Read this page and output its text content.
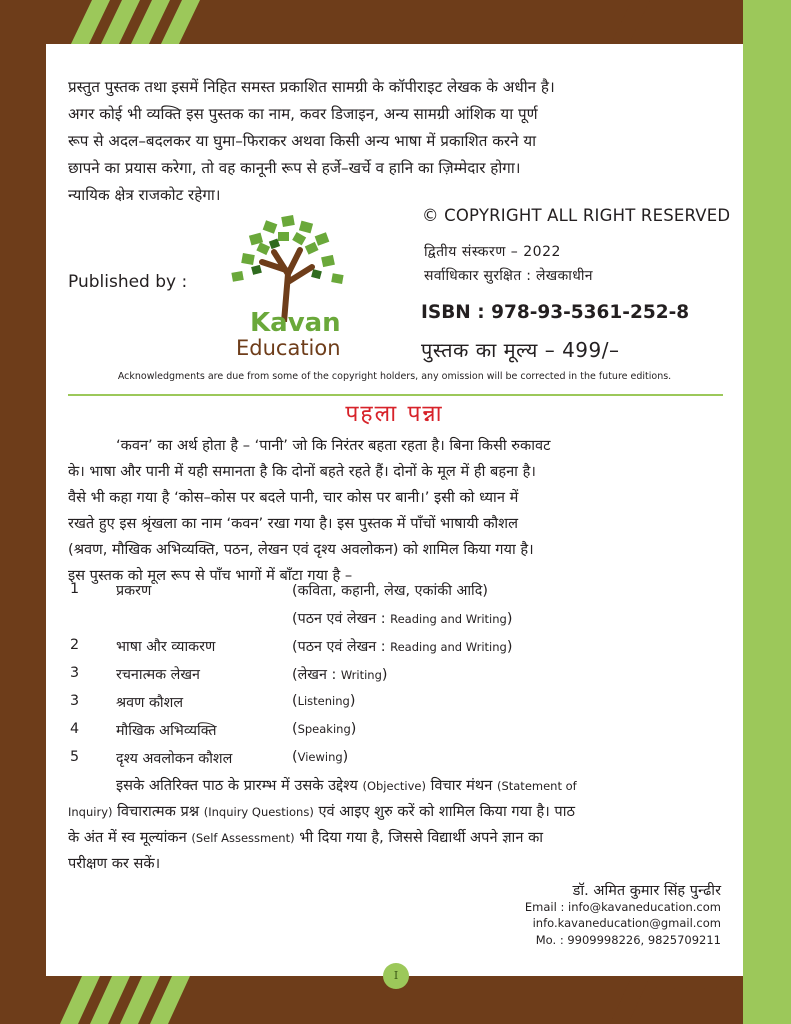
प्रस्तुत पुस्तक तथा इसमें निहित समस्त प्रकाशित सामग्री के कॉपीराइट लेखक के अधीन है।
अगर कोई भी व्यक्ति इस पुस्तक का नाम, कवर डिजाइन, अन्य सामग्री आंशिक या पूर्ण
रूप से अदल–बदलकर या घुमा–फिराकर अथवा किसी अन्य भाषा में प्रकाशित करने या
छापने का प्रयास करेगा, तो वह कानूनी रूप से हर्जे–खर्चे व हानि का ज़िम्मेदार होगा।
न्यायिक क्षेत्र राजकोट रहेगा।
© COPYRIGHT ALL RIGHT RESERVED
द्वितीय संस्करण – 2022
सर्वाधिकार सुरक्षित : लेखकाधीन
ISBN : 978-93-5361-252-8
पुस्तक का मूल्य – 499/–
Published by :
Kavan
Education
Acknowledgments are due from some of the copyright holders, any omission will be corrected in the future editions.
पहला पन्ना
‘कवन’ का अर्थ होता है – ‘पानी’ जो कि निरंतर बहता रहता है। बिना किसी रुकावट
के। भाषा और पानी में यही समानता है कि दोनों बहते रहते हैं। दोनों के मूल में ही बहना है।
वैसे भी कहा गया है ‘कोस–कोस पर बदले पानी, चार कोस पर बानी।’ इसी को ध्यान में
रखते हुए इस श्रृंखला का नाम ‘कवन’ रखा गया है। इस पुस्तक में पाँचों भाषायी कौशल
(श्रवण, मौखिक अभिव्यक्ति, पठन, लेखन एवं दृश्य अवलोकन) को शामिल किया गया है।
इस पुस्तक को मूल रूप से पाँच भागों में बाँटा गया है –
1	प्रकरण	(कविता, कहानी, लेख, एकांकी आदि)
(पठन एवं लेखन : Reading and Writing)
2	भाषा और व्याकरण	(पठन एवं लेखन : Reading and Writing)
3	रचनात्मक लेखन	(लेखन : Writing)
3	श्रवण कौशल	(Listening)
4	मौखिक अभिव्यक्ति	(Speaking)
5	दृश्य अवलोकन कौशल	(Viewing)
इसके अतिरिक्त पाठ के प्रारम्भ में उसके उद्देश्य (Objective) विचार मंथन (Statement of
Inquiry) विचारात्मक प्रश्न (Inquiry Questions) एवं आइए शुरु करें को शामिल किया गया है। पाठ
के अंत में स्व मूल्यांकन (Self Assessment) भी दिया गया है, जिससे विद्यार्थी अपने ज्ञान का
परीक्षण कर सकें।
डॉ. अमित कुमार सिंह पुन्ढीर
Email : info@kavaneducation.com
info.kavaneducation@gmail.com
Mo. : 9909998226, 9825709211
I
